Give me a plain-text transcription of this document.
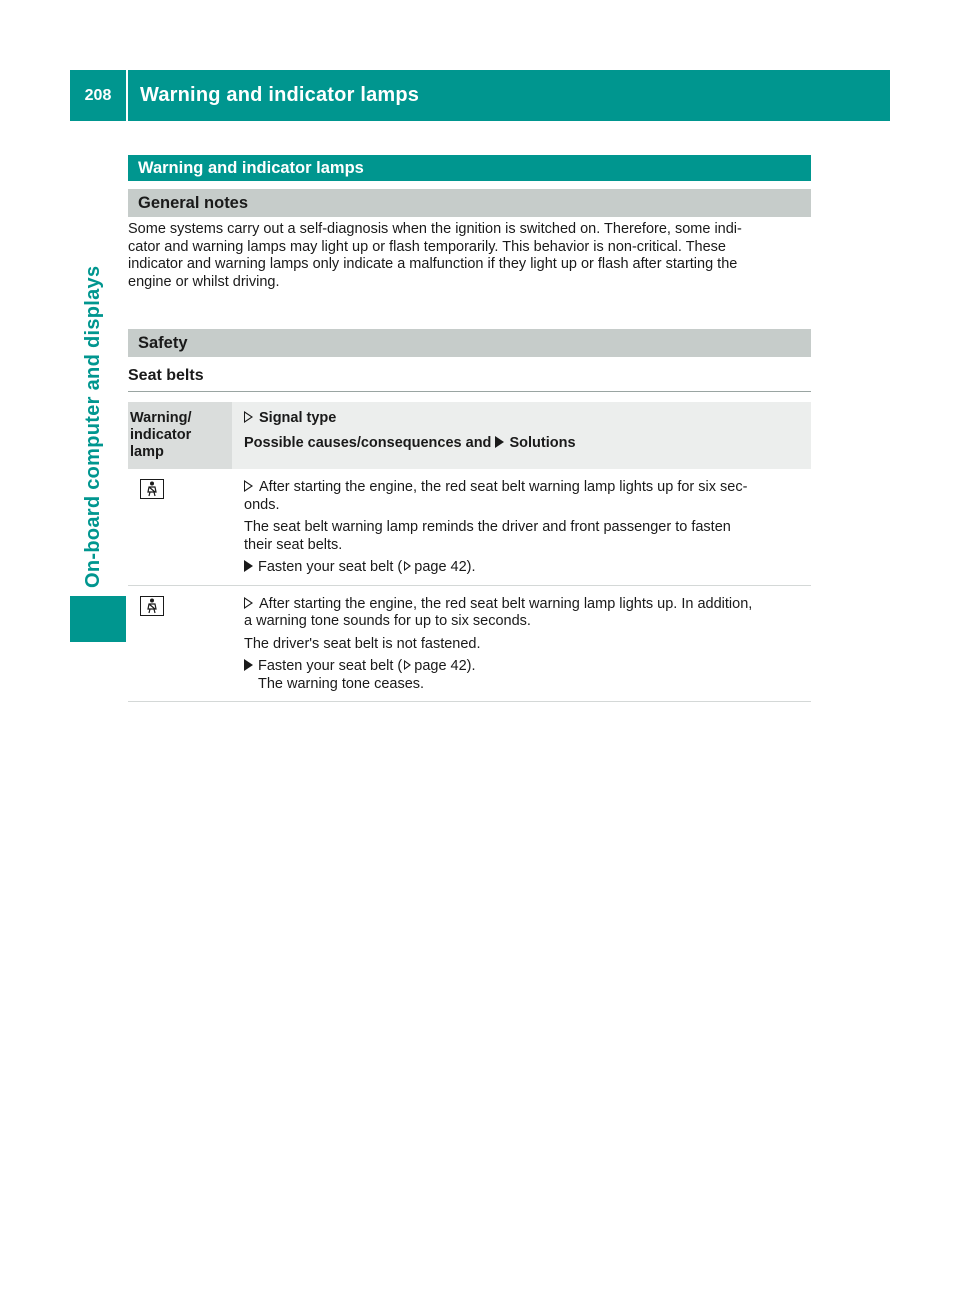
208	Warning and indicator lamps
On-board computer and displays
Warning and indicator lamps
General notes
Some systems carry out a self-diagnosis when the ignition is switched on. Therefore, some indi-
cator and warning lamps may light up or flash temporarily. This behavior is non-critical. These
indicator and warning lamps only indicate a malfunction if they light up or flash after starting the
engine or whilst driving.
Safety
Seat belts
Warning/
indicator
lamp	Signal type
Possible causes/consequences and Solutions

After starting the engine, the red seat belt warning lamp lights up for six sec-
onds.
The seat belt warning lamp reminds the driver and front passenger to fasten
their seat belts.
Fasten your seat belt ( page 42).

After starting the engine, the red seat belt warning lamp lights up. In addition,
a warning tone sounds for up to six seconds.
The driver's seat belt is not fastened.
Fasten your seat belt ( page 42).
The warning tone ceases.
